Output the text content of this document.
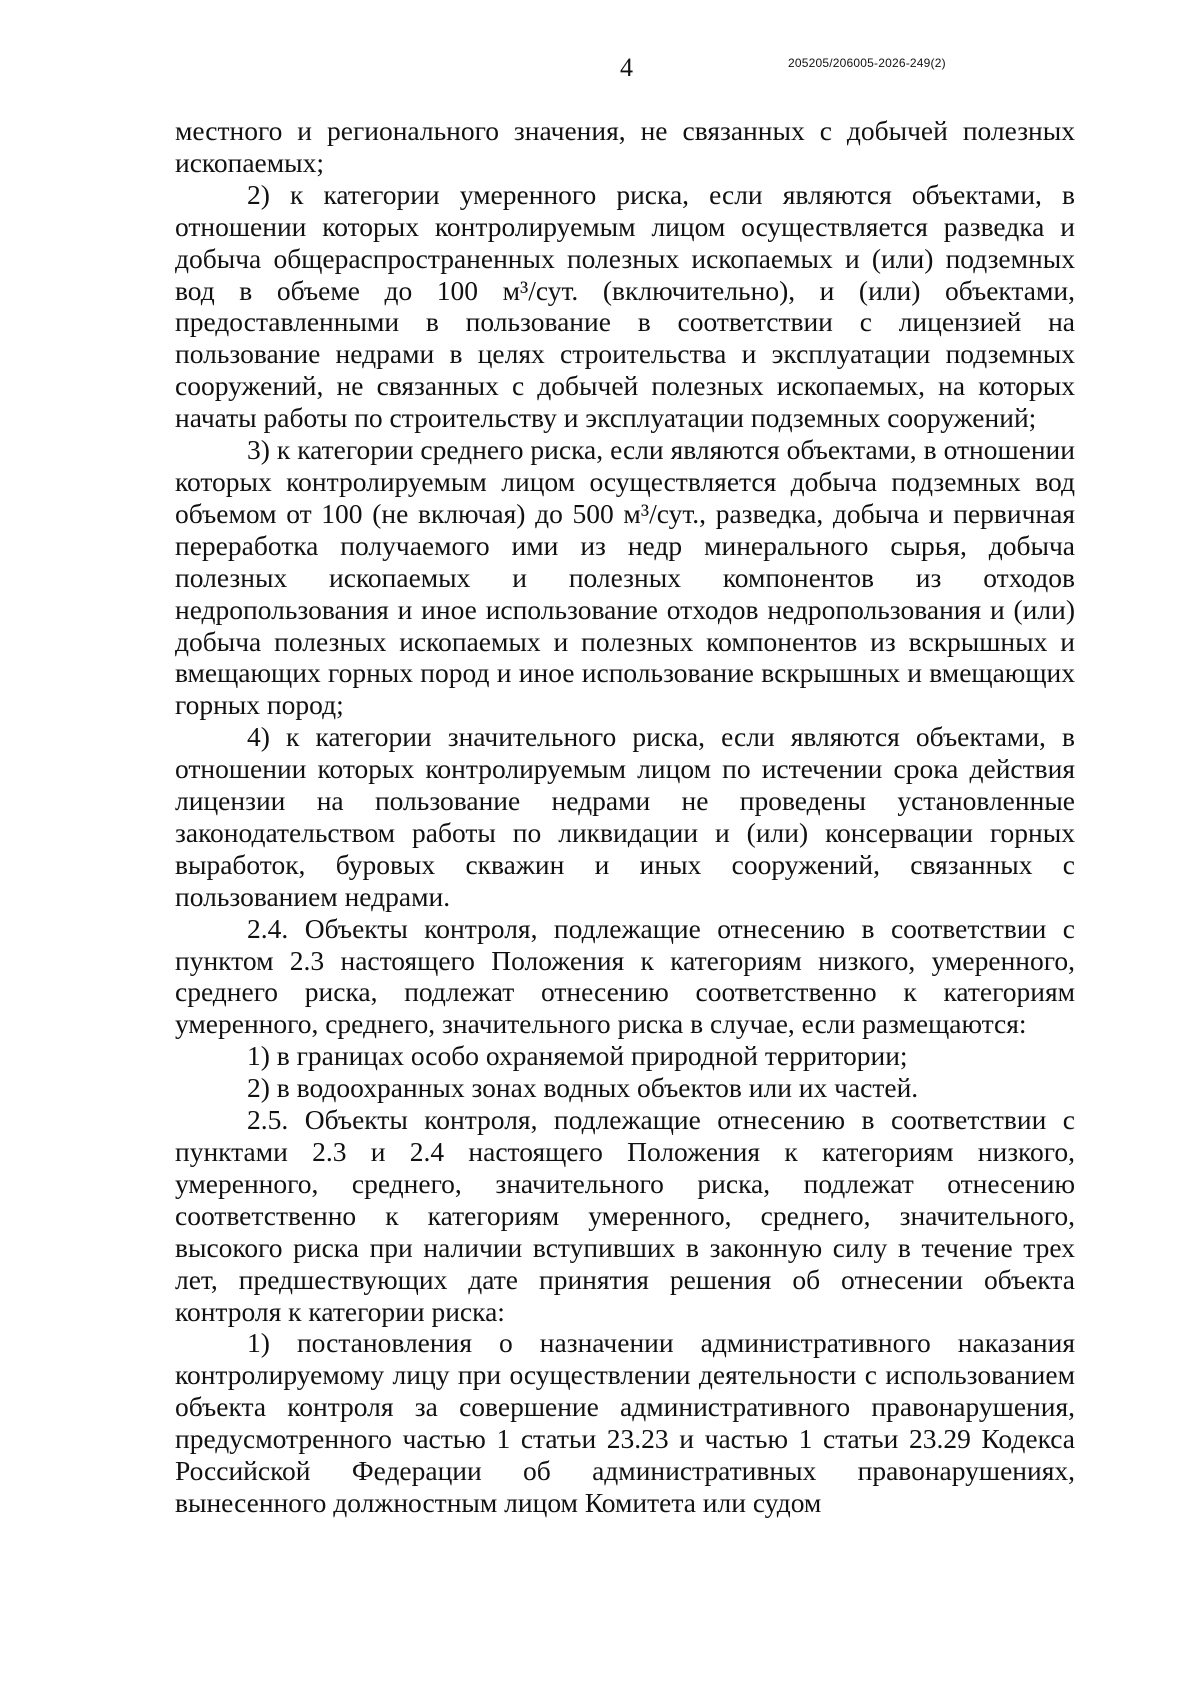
4	205205/206005-2026-249(2)

местного и регионального значения, не связанных с добычей полезных ископаемых;

2) к категории умеренного риска, если являются объектами, в отношении которых контролируемым лицом осуществляется разведка и добыча общераспространенных полезных ископаемых и (или) подземных вод в объеме до 100 м³/сут. (включительно), и (или) объектами, предоставленными в пользование в соответствии с лицензией на пользование недрами в целях строительства и эксплуатации подземных сооружений, не связанных с добычей полезных ископаемых, на которых начаты работы по строительству и эксплуатации подземных сооружений;

3) к категории среднего риска, если являются объектами, в отношении которых контролируемым лицом осуществляется добыча подземных вод объемом от 100 (не включая) до 500 м³/сут., разведка, добыча и первичная переработка получаемого ими из недр минерального сырья, добыча полезных ископаемых и полезных компонентов из отходов недропользования и иное использование отходов недропользования и (или) добыча полезных ископаемых и полезных компонентов из вскрышных и вмещающих горных пород и иное использование вскрышных и вмещающих горных пород;

4) к категории значительного риска, если являются объектами, в отношении которых контролируемым лицом по истечении срока действия лицензии на пользование недрами не проведены установленные законодательством работы по ликвидации и (или) консервации горных выработок, буровых скважин и иных сооружений, связанных с пользованием недрами.

2.4. Объекты контроля, подлежащие отнесению в соответствии с пунктом 2.3 настоящего Положения к категориям низкого, умеренного, среднего риска, подлежат отнесению соответственно к категориям умеренного, среднего, значительного риска в случае, если размещаются:

1) в границах особо охраняемой природной территории;

2) в водоохранных зонах водных объектов или их частей.

2.5. Объекты контроля, подлежащие отнесению в соответствии с пунктами 2.3 и 2.4 настоящего Положения к категориям низкого, умеренного, среднего, значительного риска, подлежат отнесению соответственно к категориям умеренного, среднего, значительного, высокого риска при наличии вступивших в законную силу в течение трех лет, предшествующих дате принятия решения об отнесении объекта контроля к категории риска:

1) постановления о назначении административного наказания контролируемому лицу при осуществлении деятельности с использованием объекта контроля за совершение административного правонарушения, предусмотренного частью 1 статьи 23.23 и частью 1 статьи 23.29 Кодекса Российской Федерации об административных правонарушениях, вынесенного должностным лицом Комитета или судом
